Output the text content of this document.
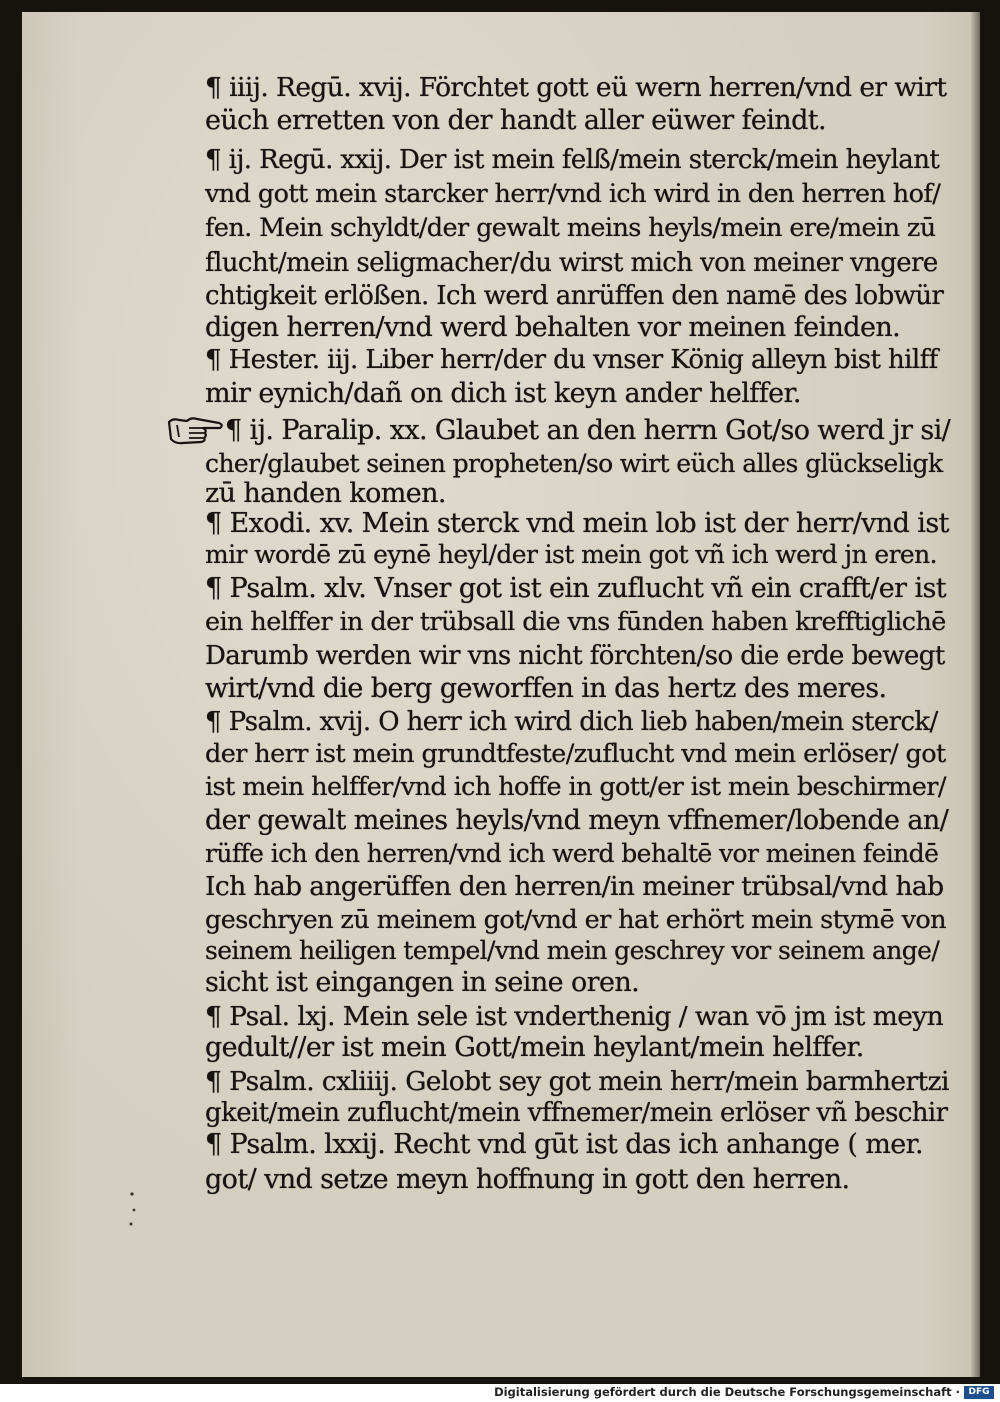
¶ iiij. Regū. xvij. Förchtet gott eü wern herren/vnd er wirt
eüch erretten von der handt aller eüwer feindt.
¶ ij. Regū. xxij. Der ist mein felß/mein sterck/mein heylant
vnd gott mein starcker herr/vnd ich wird in den herren hof/
fen. Mein schyldt/der gewalt meins heyls/mein ere/mein zū
flucht/mein seligmacher/du wirst mich von meiner vngere
chtigkeit erlößen. Ich werd anrüffen den namē des lobwür
digen herren/vnd werd behalten vor meinen feinden.
¶ Hester. iij. Liber herr/der du vnser König alleyn bist hilff
mir eynich/dañ on dich ist keyn ander helffer.
¶ ij. Paralip. xx. Glaubet an den herrn Got/so werd jr si/
cher/glaubet seinen propheten/so wirt eüch alles glückseligk
zū handen komen.
¶ Exodi. xv. Mein sterck vnd mein lob ist der herr/vnd ist
mir wordē zū eynē heyl/der ist mein got vñ ich werd jn eren.
¶ Psalm. xlv. Vnser got ist ein zuflucht vñ ein crafft/er ist
ein helffer in der trübsall die vns fūnden haben krefftiglichē
Darumb werden wir vns nicht förchten/so die erde bewegt
wirt/vnd die berg geworffen in das hertz des meres.
¶ Psalm. xvij. O herr ich wird dich lieb haben/mein sterck/
der herr ist mein grundtfeste/zuflucht vnd mein erlöser/ got
ist mein helffer/vnd ich hoffe in gott/er ist mein beschirmer/
der gewalt meines heyls/vnd meyn vffnemer/lobende an/
rüffe ich den herren/vnd ich werd behaltē vor meinen feindē
Ich hab angerüffen den herren/in meiner trübsal/vnd hab
geschryen zū meinem got/vnd er hat erhört mein stymē von
seinem heiligen tempel/vnd mein geschrey vor seinem ange/
sicht ist eingangen in seine oren.
¶ Psal. lxj. Mein sele ist vnderthenig / wan vō jm ist meyn
gedult//er ist mein Gott/mein heylant/mein helffer.
¶ Psalm. cxliiij. Gelobt sey got mein herr/mein barmhertzi
gkeit/mein zuflucht/mein vffnemer/mein erlöser vñ beschir
¶ Psalm. lxxij. Recht vnd gūt ist das ich anhange ( mer.
got/ vnd setze meyn hoffnung in gott den herren.
Digitalisierung gefördert durch die Deutsche Forschungsgemeinschaft · DFG
